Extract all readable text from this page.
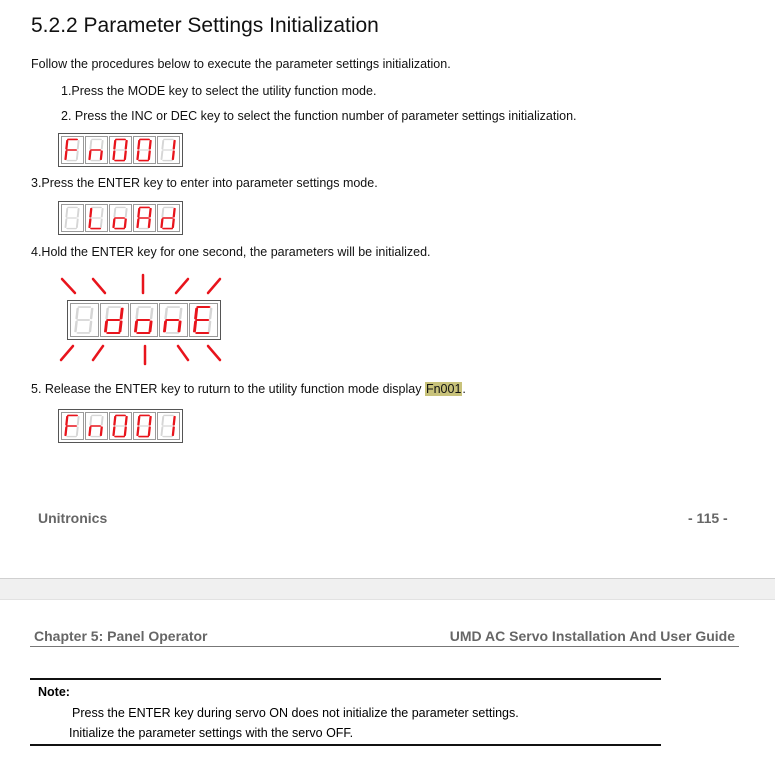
5.2.2 Parameter Settings Initialization
Follow the procedures below to execute the parameter settings initialization.
1.Press the MODE key to select the utility function mode.
2. Press the INC or DEC key to select the function number of parameter settings initialization.
3.Press the ENTER key to enter into parameter settings mode.
4.Hold the ENTER key for one second, the parameters will be initialized.
5. Release the ENTER key to ruturn to the utility function mode display Fn001.
Unitronics	- 115 -
Chapter 5: Panel Operator	UMD AC Servo Installation And User Guide
Note:
Press the ENTER key during servo ON does not initialize the parameter settings.
Initialize the parameter settings with the servo OFF.
